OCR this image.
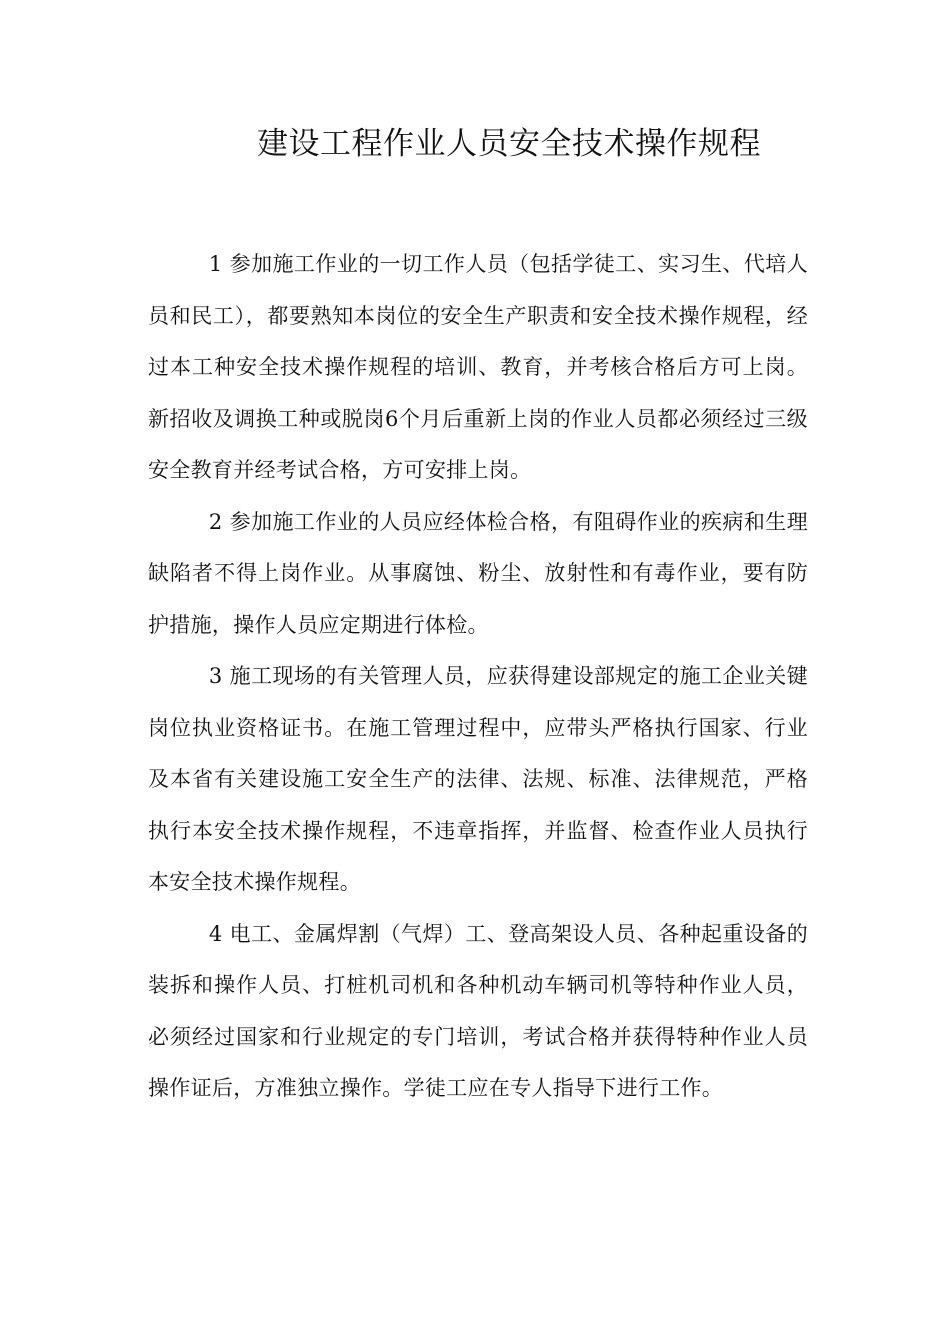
建设工程作业人员安全技术操作规程

1 参加施工作业的一切工作人员（包括学徒工、实习生、代培人员和民工），都要熟知本岗位的安全生产职责和安全技术操作规程，经过本工种安全技术操作规程的培训、教育，并考核合格后方可上岗。新招收及调换工种或脱岗6个月后重新上岗的作业人员都必须经过三级安全教育并经考试合格，方可安排上岗。

2 参加施工作业的人员应经体检合格，有阻碍作业的疾病和生理缺陷者不得上岗作业。从事腐蚀、粉尘、放射性和有毒作业，要有防护措施，操作人员应定期进行体检。

3 施工现场的有关管理人员，应获得建设部规定的施工企业关键岗位执业资格证书。在施工管理过程中，应带头严格执行国家、行业及本省有关建设施工安全生产的法律、法规、标准、法律规范，严格执行本安全技术操作规程，不违章指挥，并监督、检查作业人员执行本安全技术操作规程。

4 电工、金属焊割（气焊）工、登高架设人员、各种起重设备的装拆和操作人员、打桩机司机和各种机动车辆司机等特种作业人员，必须经过国家和行业规定的专门培训，考试合格并获得特种作业人员操作证后，方准独立操作。学徒工应在专人指导下进行工作。
